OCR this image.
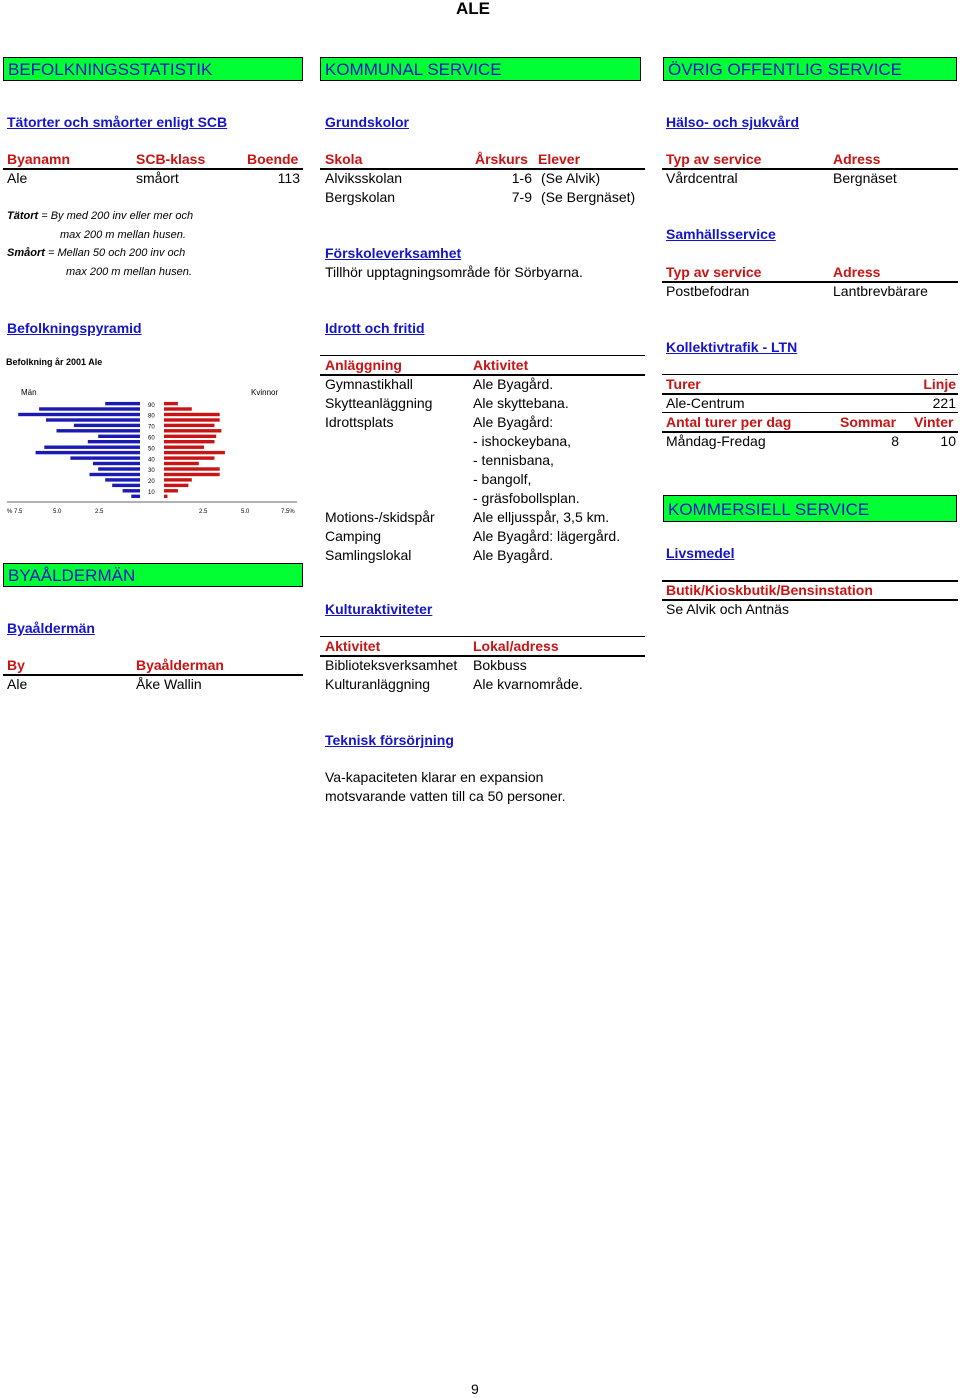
ALE
BEFOLKNINGSSTATISTIK	KOMMUNAL SERVICE	ÖVRIG OFFENTLIG SERVICE
Tätorter och småorter enligt SCB
Byanamn	SCB-klass	Boende
Ale	småort	113
Tätort = By med 200 inv eller mer och
max 200 m mellan husen.
Småort = Mellan 50 och 200 inv och
max 200 m mellan husen.
Befolkningspyramid
Befolkning år 2001 Ale
Män	Kvinnor
90
80
70
60
50
40
30
20
10
% 7.5	5.0	2.5	2.5	5.0	7.5%
BYAÅLDERMÄN
Byaåldermän
By	Byaålderman
Ale	Åke Wallin
Grundskolor
Skola	Årskurs Elever
Alviksskolan	1-6 (Se Alvik)
Bergskolan	7-9 (Se Bergnäset)
Förskoleverksamhet
Tillhör upptagningsområde för Sörbyarna.
Idrott och fritid
Anläggning	Aktivitet
Gymnastikhall	Ale Byagård.
Skytteanläggning	Ale skyttebana.
Idrottsplats	Ale Byagård:
- ishockeybana,
- tennisbana,
- bangolf,
- gräsfobollsplan.
Motions-/skidspår	Ale elljusspår, 3,5 km.
Camping	Ale Byagård: lägergård.
Samlingslokal	Ale Byagård.
Kulturaktiviteter
Aktivitet	Lokal/adress
Biblioteksverksamhet Bokbuss
Kulturanläggning	Ale kvarnområde.
Teknisk försörjning
Va-kapaciteten klarar en expansion
motsvarande vatten till ca 50 personer.
Hälso- och sjukvård
Typ av service	Adress
Vårdcentral	Bergnäset
Samhällsservice
Typ av service	Adress
Postbefodran	Lantbrevbärare
Kollektivtrafik - LTN
Turer	Linje
Ale-Centrum	221
Antal turer per dag	Sommar Vinter
Måndag-Fredag	8	10
KOMMERSIELL SERVICE
Livsmedel
Butik/Kioskbutik/Bensinstation
Se Alvik och Antnäs
9
